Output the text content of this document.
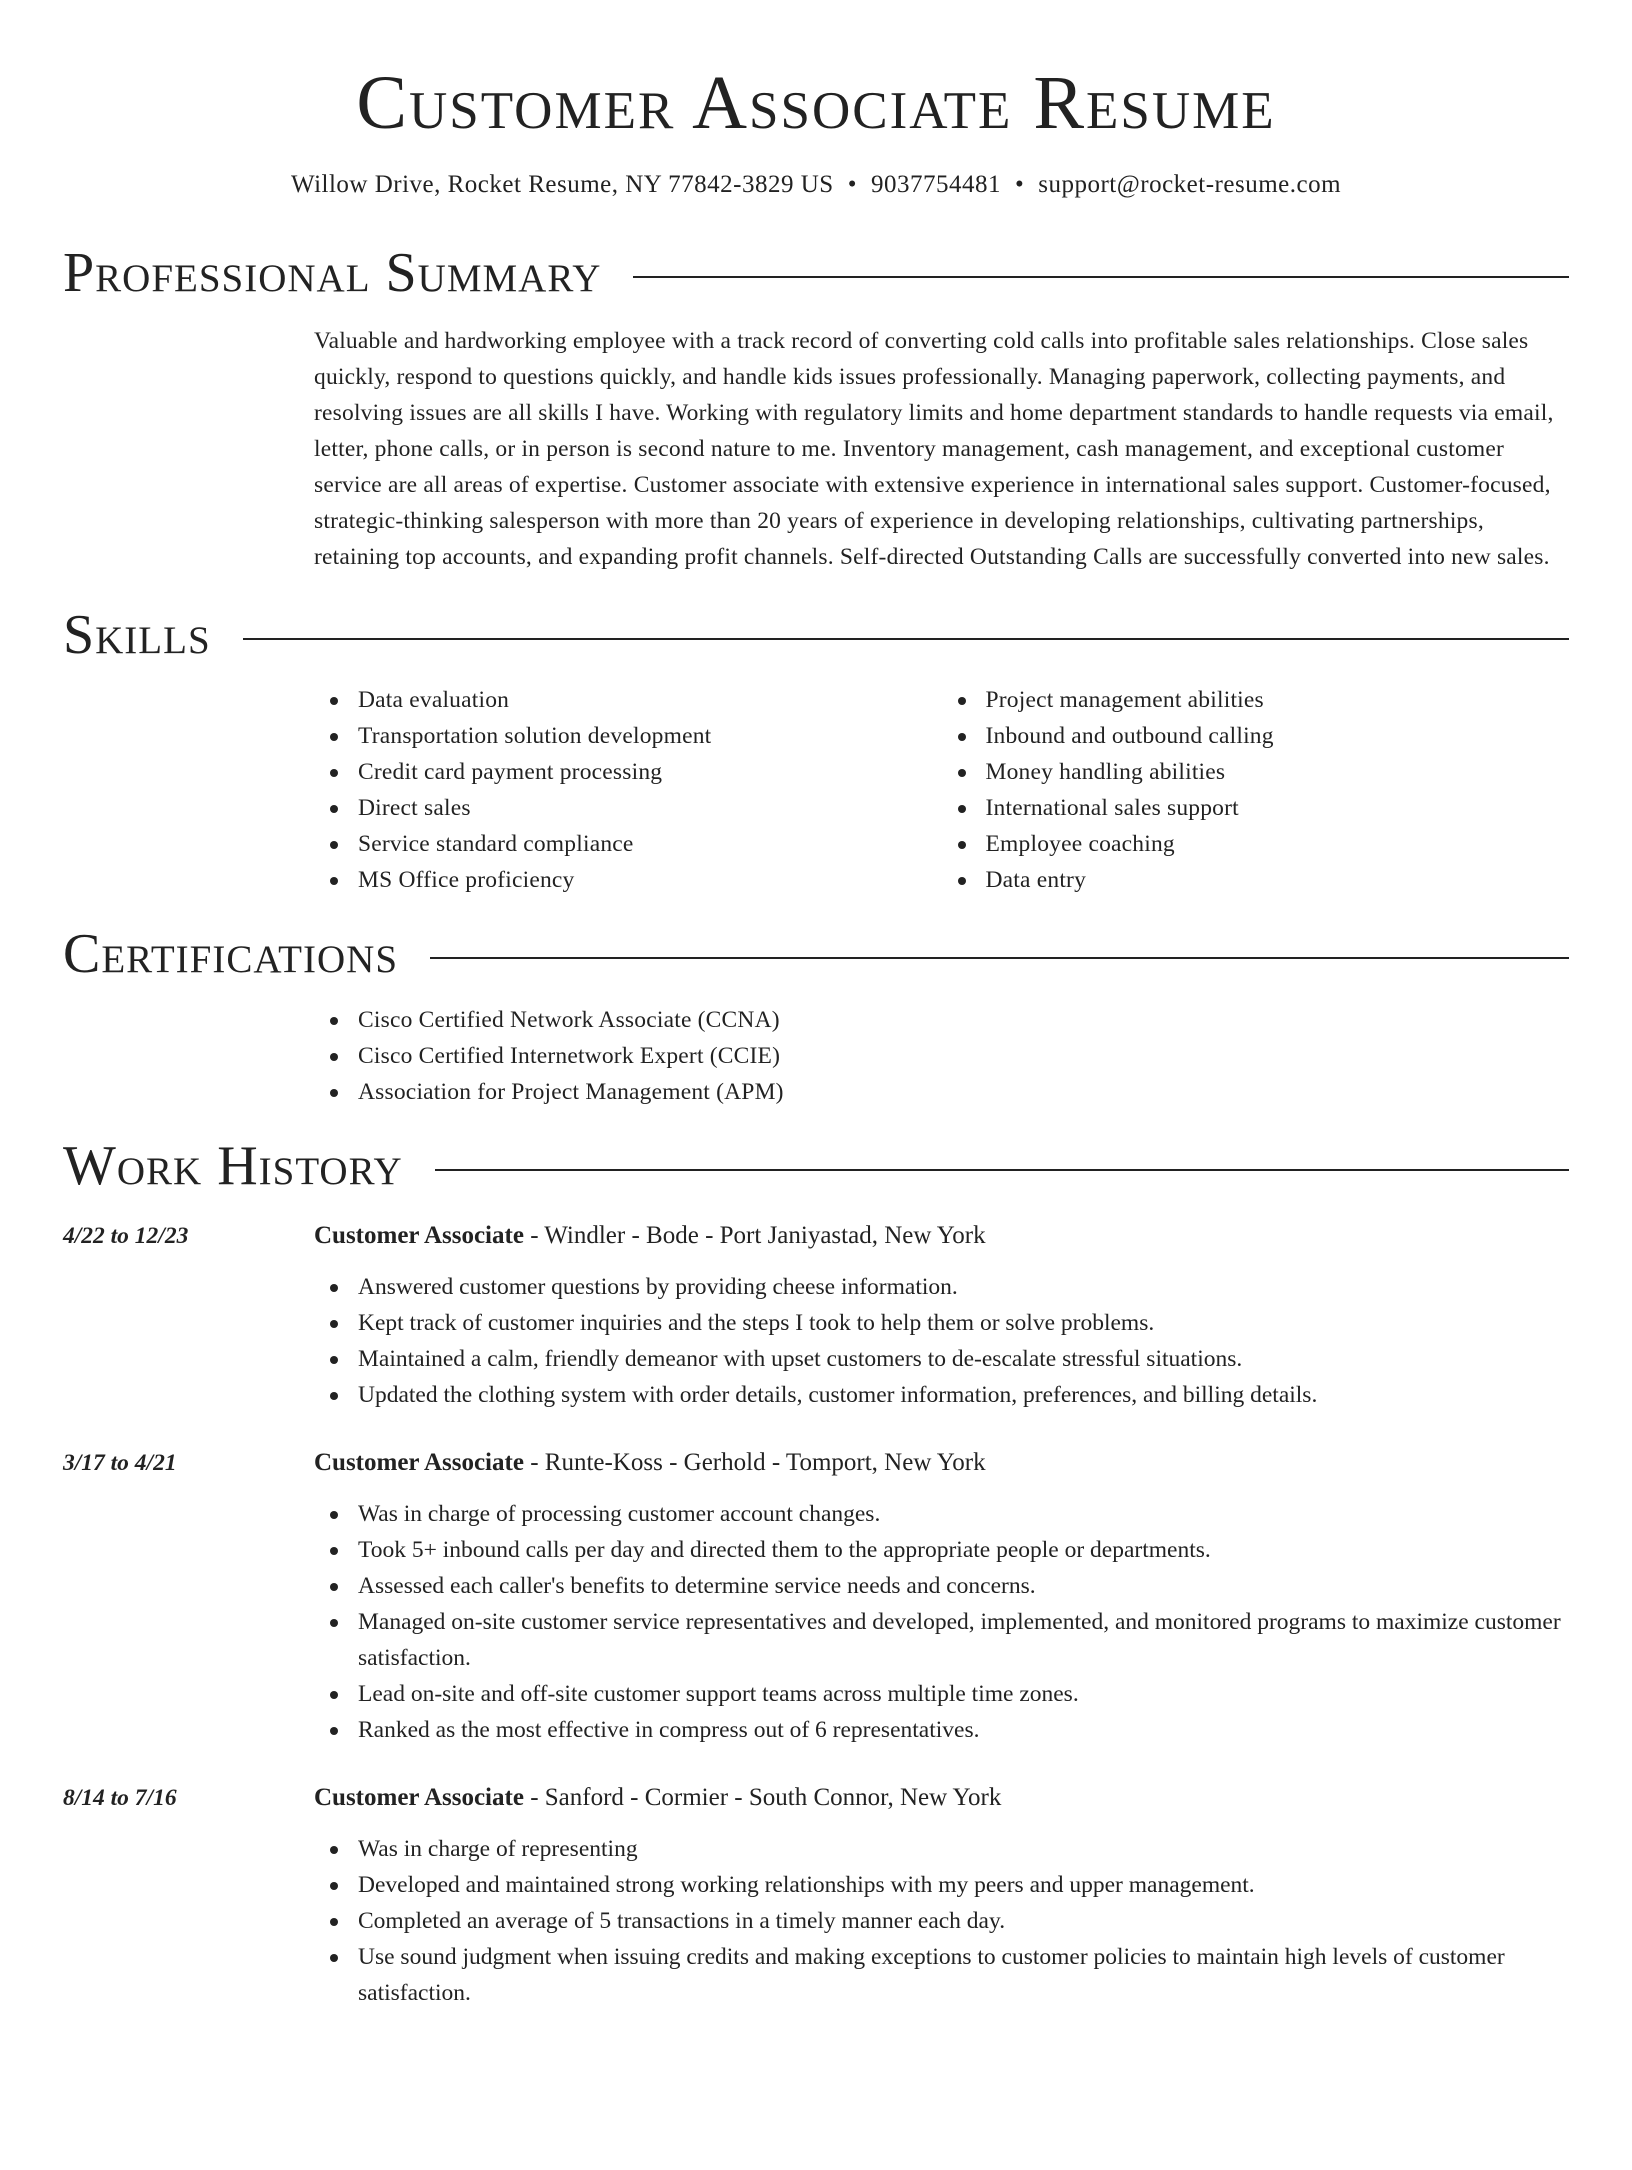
Customer Associate Resume
Willow Drive, Rocket Resume, NY 77842-3829 US • 9037754481 • support@rocket-resume.com
Professional Summary
Valuable and hardworking employee with a track record of converting cold calls into profitable sales relationships. Close sales quickly, respond to questions quickly, and handle kids issues professionally. Managing paperwork, collecting payments, and resolving issues are all skills I have. Working with regulatory limits and home department standards to handle requests via email, letter, phone calls, or in person is second nature to me. Inventory management, cash management, and exceptional customer service are all areas of expertise. Customer associate with extensive experience in international sales support. Customer-focused, strategic-thinking salesperson with more than 20 years of experience in developing relationships, cultivating partnerships, retaining top accounts, and expanding profit channels. Self-directed Outstanding Calls are successfully converted into new sales.
Skills
Data evaluation
Transportation solution development
Credit card payment processing
Direct sales
Service standard compliance
MS Office proficiency
Project management abilities
Inbound and outbound calling
Money handling abilities
International sales support
Employee coaching
Data entry
Certifications
Cisco Certified Network Associate (CCNA)
Cisco Certified Internetwork Expert (CCIE)
Association for Project Management (APM)
Work History
4/22 to 12/23	Customer Associate - Windler - Bode - Port Janiyastad, New York
Answered customer questions by providing cheese information.
Kept track of customer inquiries and the steps I took to help them or solve problems.
Maintained a calm, friendly demeanor with upset customers to de-escalate stressful situations.
Updated the clothing system with order details, customer information, preferences, and billing details.
3/17 to 4/21	Customer Associate - Runte-Koss - Gerhold - Tomport, New York
Was in charge of processing customer account changes.
Took 5+ inbound calls per day and directed them to the appropriate people or departments.
Assessed each caller's benefits to determine service needs and concerns.
Managed on-site customer service representatives and developed, implemented, and monitored programs to maximize customer satisfaction.
Lead on-site and off-site customer support teams across multiple time zones.
Ranked as the most effective in compress out of 6 representatives.
8/14 to 7/16	Customer Associate - Sanford - Cormier - South Connor, New York
Was in charge of representing
Developed and maintained strong working relationships with my peers and upper management.
Completed an average of 5 transactions in a timely manner each day.
Use sound judgment when issuing credits and making exceptions to customer policies to maintain high levels of customer satisfaction.
